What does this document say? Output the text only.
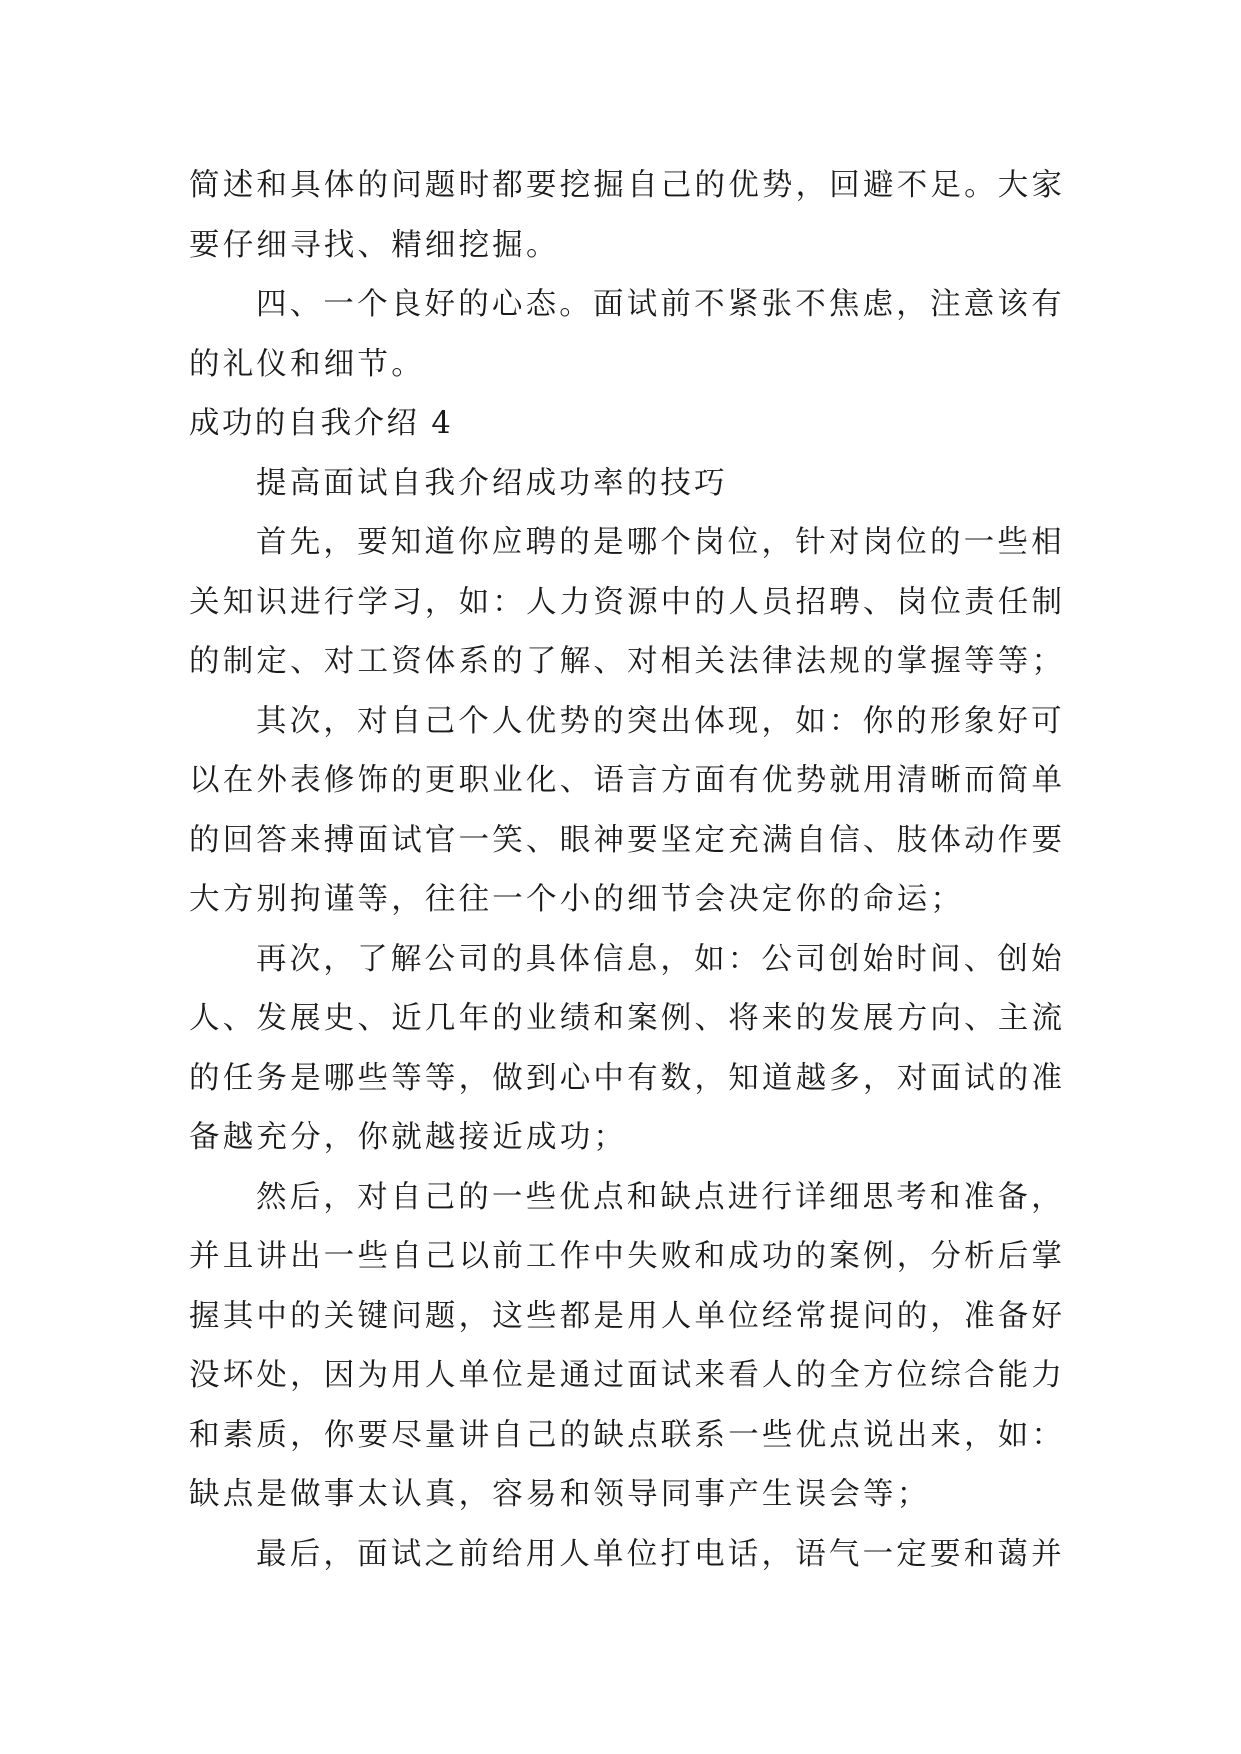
简述和具体的问题时都要挖掘自己的优势，回避不足。大家
要仔细寻找、精细挖掘。
四、一个良好的心态。面试前不紧张不焦虑，注意该有
的礼仪和细节。
成功的自我介绍 4
提高面试自我介绍成功率的技巧
首先，要知道你应聘的是哪个岗位，针对岗位的一些相
关知识进行学习，如：人力资源中的人员招聘、岗位责任制
的制定、对工资体系的了解、对相关法律法规的掌握等等；
其次，对自己个人优势的突出体现，如：你的形象好可
以在外表修饰的更职业化、语言方面有优势就用清晰而简单
的回答来搏面试官一笑、眼神要坚定充满自信、肢体动作要
大方别拘谨等，往往一个小的细节会决定你的命运；
再次，了解公司的具体信息，如：公司创始时间、创始
人、发展史、近几年的业绩和案例、将来的发展方向、主流
的任务是哪些等等，做到心中有数，知道越多，对面试的准
备越充分，你就越接近成功；
然后，对自己的一些优点和缺点进行详细思考和准备，
并且讲出一些自己以前工作中失败和成功的案例，分析后掌
握其中的关键问题，这些都是用人单位经常提问的，准备好
没坏处，因为用人单位是通过面试来看人的全方位综合能力
和素质，你要尽量讲自己的缺点联系一些优点说出来，如：
缺点是做事太认真，容易和领导同事产生误会等；
最后，面试之前给用人单位打电话，语气一定要和蔼并
